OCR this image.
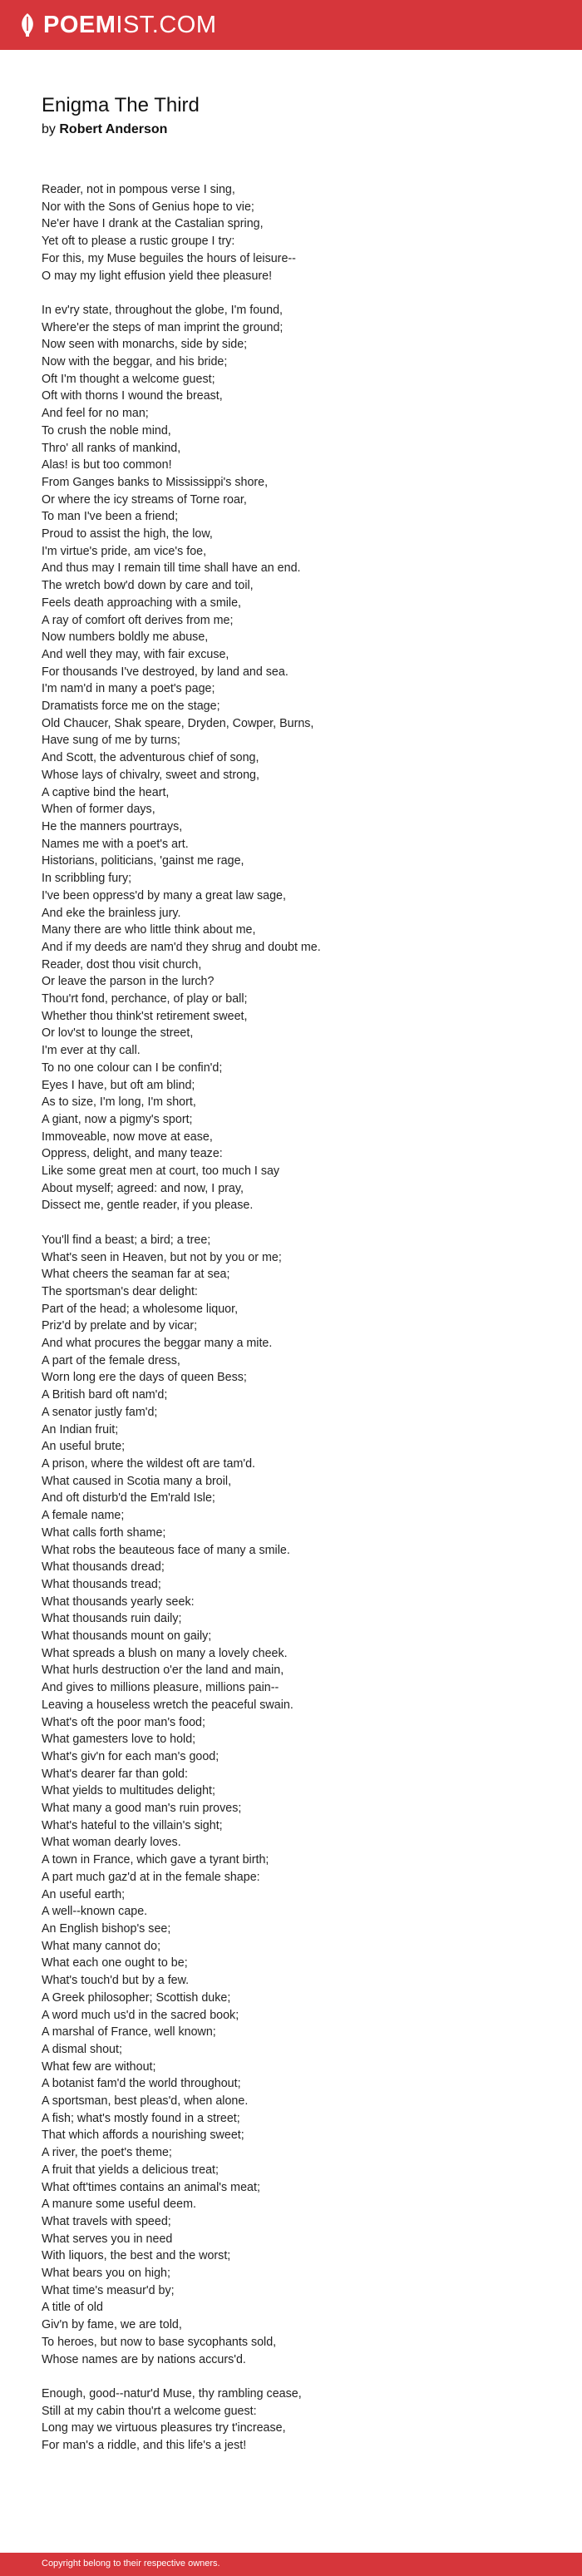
POEMIST.COM
Enigma The Third
by Robert Anderson
Reader, not in pompous verse I sing,
Nor with the Sons of Genius hope to vie;
Ne'er have I drank at the Castalian spring,
Yet oft to please a rustic groupe I try:
For this, my Muse beguiles the hours of leisure--
O may my light effusion yield thee pleasure!
In ev'ry state, throughout the globe, I'm found,
Where'er the steps of man imprint the ground;
Now seen with monarchs, side by side;
Now with the beggar, and his bride;
Oft I'm thought a welcome guest;
Oft with thorns I wound the breast,
And feel for no man;
To crush the noble mind,
Thro' all ranks of mankind,
Alas! is but too common!
From Ganges banks to Mississippi's shore,
Or where the icy streams of Torne roar,
To man I've been a friend;
Proud to assist the high, the low,
I'm virtue's pride, am vice's foe,
And thus may I remain till time shall have an end.
The wretch bow'd down by care and toil,
Feels death approaching with a smile,
A ray of comfort oft derives from me;
Now numbers boldly me abuse,
And well they may, with fair excuse,
For thousands I've destroyed, by land and sea.
I'm nam'd in many a poet's page;
Dramatists force me on the stage;
Old Chaucer, Shak speare, Dryden, Cowper, Burns,
Have sung of me by turns;
And Scott, the adventurous chief of song,
Whose lays of chivalry, sweet and strong,
A captive bind the heart,
When of former days,
He the manners pourtrays,
Names me with a poet's art.
Historians, politicians, 'gainst me rage,
In scribbling fury;
I've been oppress'd by many a great law sage,
And eke the brainless jury.
Many there are who little think about me,
And if my deeds are nam'd they shrug and doubt me.
Reader, dost thou visit church,
Or leave the parson in the lurch?
Thou'rt fond, perchance, of play or ball;
Whether thou think'st retirement sweet,
Or lov'st to lounge the street,
I'm ever at thy call.
To no one colour can I be confin'd;
Eyes I have, but oft am blind;
As to size, I'm long, I'm short,
A giant, now a pigmy's sport;
Immoveable, now move at ease,
Oppress, delight, and many teaze:
Like some great men at court, too much I say
About myself; agreed: and now, I pray,
Dissect me, gentle reader, if you please.
You'll find a beast; a bird; a tree;
What's seen in Heaven, but not by you or me;
What cheers the seaman far at sea;
The sportsman's dear delight:
Part of the head; a wholesome liquor,
Priz'd by prelate and by vicar;
And what procures the beggar many a mite.
A part of the female dress,
Worn long ere the days of queen Bess;
A British bard oft nam'd;
A senator justly fam'd;
An Indian fruit;
An useful brute;
A prison, where the wildest oft are tam'd.
What caused in Scotia many a broil,
And oft disturb'd the Em'rald Isle;
A female name;
What calls forth shame;
What robs the beauteous face of many a smile.
What thousands dread;
What thousands tread;
What thousands yearly seek:
What thousands ruin daily;
What thousands mount on gaily;
What spreads a blush on many a lovely cheek.
What hurls destruction o'er the land and main,
And gives to millions pleasure, millions pain--
Leaving a houseless wretch the peaceful swain.
What's oft the poor man's food;
What gamesters love to hold;
What's giv'n for each man's good;
What's dearer far than gold:
What yields to multitudes delight;
What many a good man's ruin proves;
What's hateful to the villain's sight;
What woman dearly loves.
A town in France, which gave a tyrant birth;
A part much gaz'd at in the female shape:
An useful earth;
A well--known cape.
An English bishop's see;
What many cannot do;
What each one ought to be;
What's touch'd but by a few.
A Greek philosopher; Scottish duke;
A word much us'd in the sacred book;
A marshal of France, well known;
A dismal shout;
What few are without;
A botanist fam'd the world throughout;
A sportsman, best pleas'd, when alone.
A fish; what's mostly found in a street;
That which affords a nourishing sweet;
A river, the poet's theme;
A fruit that yields a delicious treat;
What oft'times contains an animal's meat;
A manure some useful deem.
What travels with speed;
What serves you in need
With liquors, the best and the worst;
What bears you on high;
What time's measur'd by;
A title of old
Giv'n by fame, we are told,
To heroes, but now to base sycophants sold,
Whose names are by nations accurs'd.
Enough, good--natur'd Muse, thy rambling cease,
Still at my cabin thou'rt a welcome guest:
Long may we virtuous pleasures try t'increase,
For man's a riddle, and this life's a jest!
Copyright belong to their respective owners.
